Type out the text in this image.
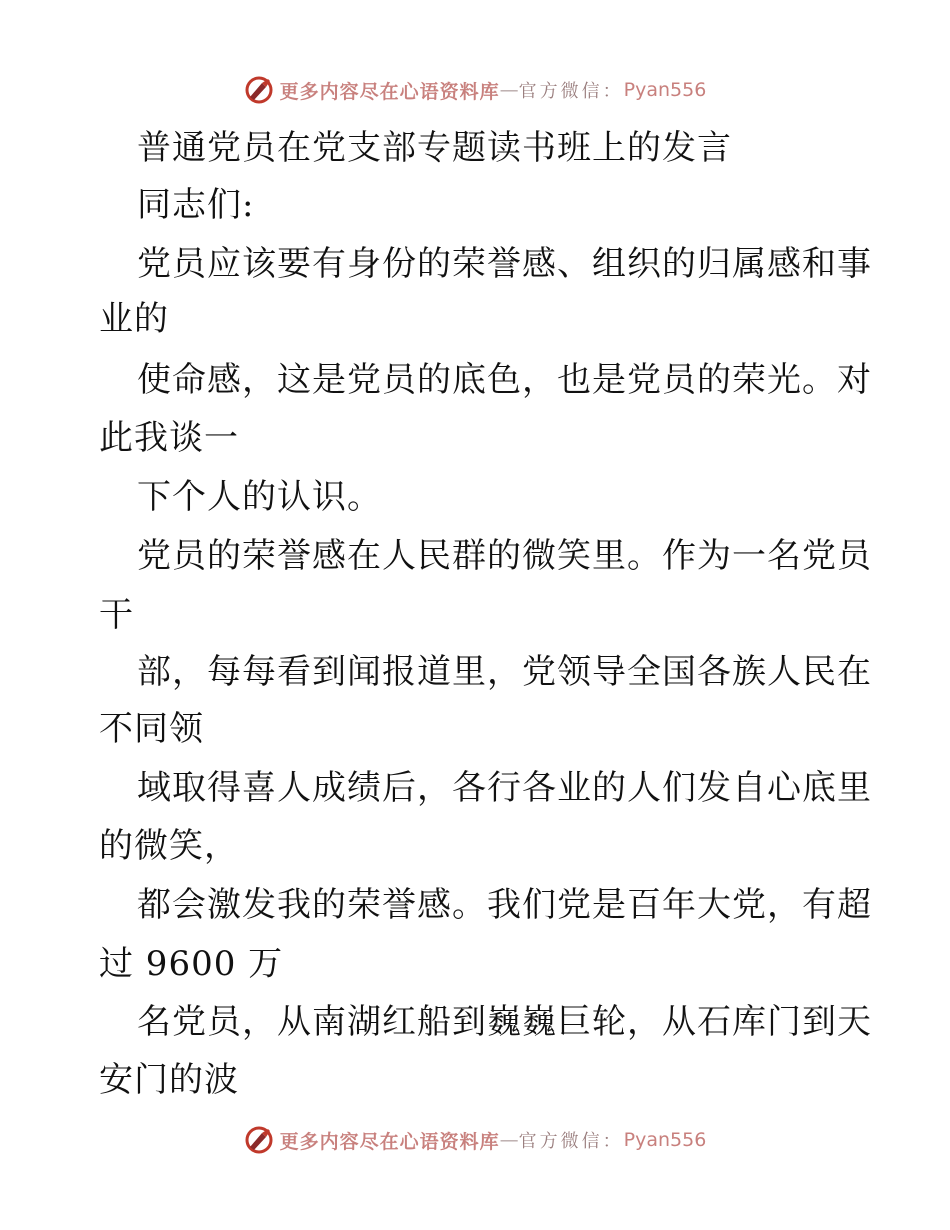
更多内容尽在心语资料库 — 官方微信： Pyan556
普通党员在党支部专题读书班上的发言
同志们:
党员应该要有身份的荣誉感、组织的归属感和事
业的
使命感，这是党员的底色，也是党员的荣光。对
此我谈一
下个人的认识。
党员的荣誉感在人民群的微笑里。作为一名党员
干
部，每每看到闻报道里，党领导全国各族人民在
不同领
域取得喜人成绩后，各行各业的人们发自心底里
的微笑，
都会激发我的荣誉感。我们党是百年大党，有超
过 9600 万
名党员，从南湖红船到巍巍巨轮，从石库门到天
安门的波
更多内容尽在心语资料库 — 官方微信： Pyan556
